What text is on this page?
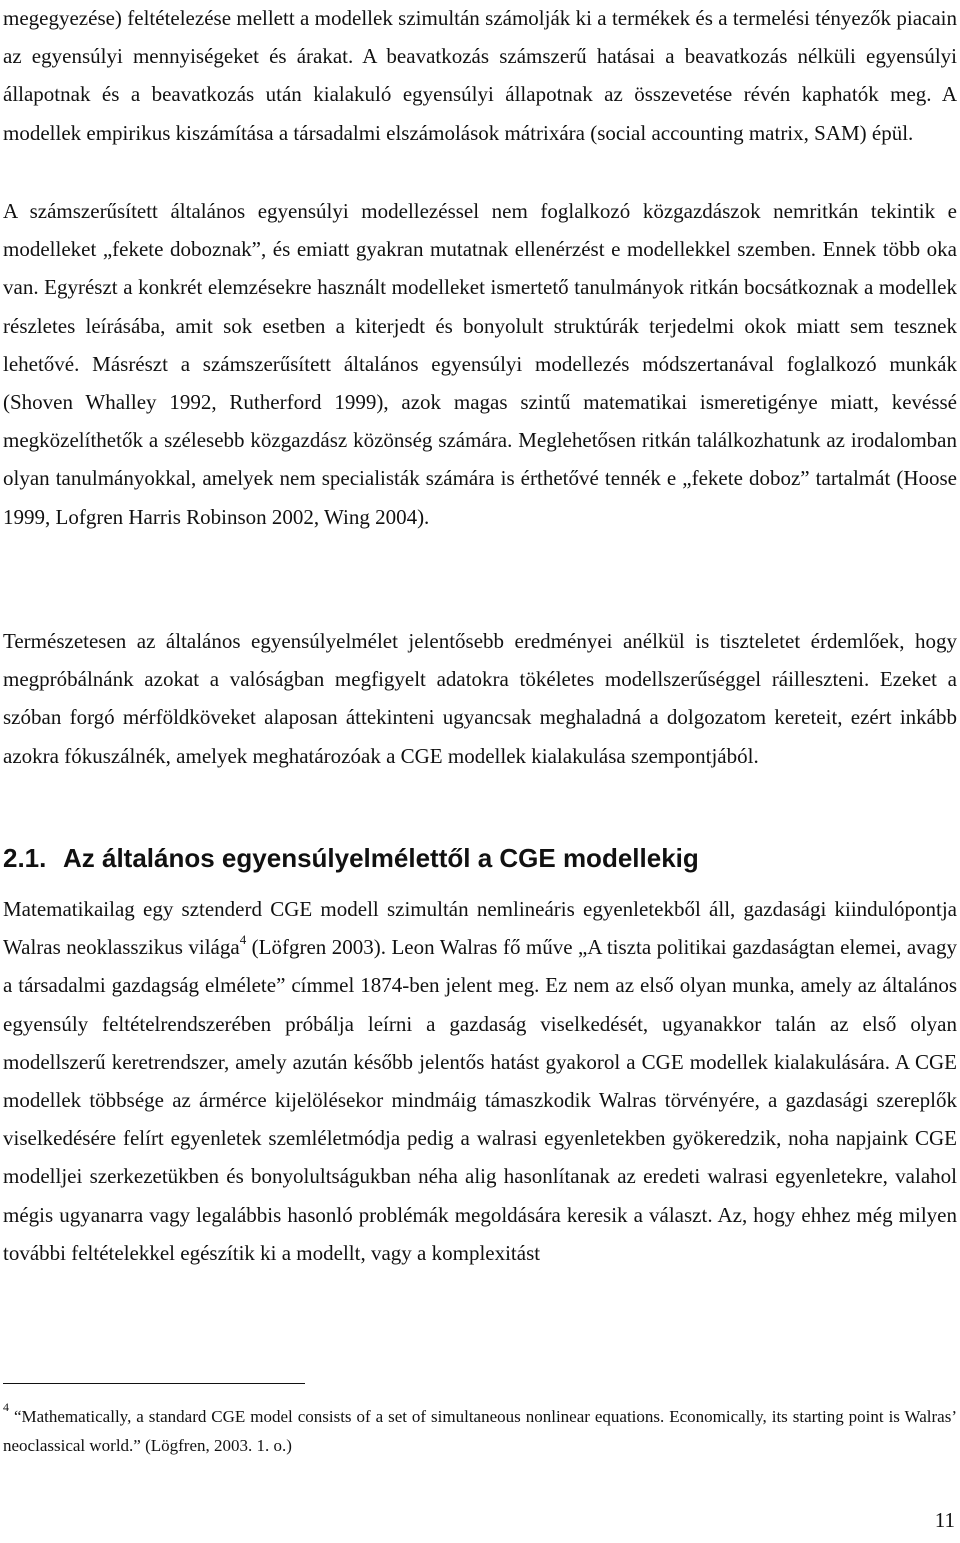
megegyezése) feltételezése mellett a modellek szimultán számolják ki a termékek és a termelési tényezők piacain az egyensúlyi mennyiségeket és árakat. A beavatkozás számszerű hatásai a beavatkozás nélküli egyensúlyi állapotnak és a beavatkozás után kialakuló egyensúlyi állapotnak az összevetése révén kaphatók meg. A modellek empirikus kiszámítása a társadalmi elszámolások mátrixára (social accounting matrix, SAM) épül.

A számszerűsített általános egyensúlyi modellezéssel nem foglalkozó közgazdászok nemritkán tekintik e modelleket „fekete doboznak”, és emiatt gyakran mutatnak ellenérzést e modellekkel szemben. Ennek több oka van. Egyrészt a konkrét elemzésekre használt modelleket ismertető tanulmányok ritkán bocsátkoznak a modellek részletes leírásába, amit sok esetben a kiterjedt és bonyolult struktúrák terjedelmi okok miatt sem tesznek lehetővé. Másrészt a számszerűsített általános egyensúlyi modellezés módszertanával foglalkozó munkák (Shoven Whalley 1992, Rutherford 1999), azok magas szintű matematikai ismeretigénye miatt, kevéssé megközelíthetők a szélesebb közgazdász közönség számára. Meglehetősen ritkán találkozhatunk az irodalomban olyan tanulmányokkal, amelyek nem specialisták számára is érthetővé tennék e „fekete doboz” tartalmát (Hoose 1999, Lofgren Harris Robinson 2002, Wing 2004).

Természetesen az általános egyensúlyelmélet jelentősebb eredményei anélkül is tiszteletet érdemlőek, hogy megpróbálnánk azokat a valóságban megfigyelt adatokra tökéletes modellszerűséggel ráilleszteni. Ezeket a szóban forgó mérföldköveket alaposan áttekinteni ugyancsak meghaladná a dolgozatom kereteit, ezért inkább azokra fókuszálnék, amelyek meghatározóak a CGE modellek kialakulása szempontjából.

2.1. Az általános egyensúlyelmélettől a CGE modellekig

Matematikailag egy sztenderd CGE modell szimultán nemlineáris egyenletekből áll, gazdasági kiindulópontja Walras neoklasszikus világa$^4$ (Löfgren 2003). Leon Walras fő műve „A tiszta politikai gazdaságtan elemei, avagy a társadalmi gazdagság elmélete” címmel 1874-ben jelent meg. Ez nem az első olyan munka, amely az általános egyensúly feltételrendszerében próbálja leírni a gazdaság viselkedését, ugyanakkor talán az első olyan modellszerű keretrendszer, amely azután később jelentős hatást gyakorol a CGE modellek kialakulására. A CGE modellek többsége az ármérce kijelölésekor mindmáig támaszkodik Walras törvényére, a gazdasági szereplők viselkedésére felírt egyenletek szemléletmódja pedig a walrasi egyenletekben gyökeredzik, noha napjaink CGE modelljei szerkezetükben és bonyolultságukban néha alig hasonlítanak az eredeti walrasi egyenletekre, valahol mégis ugyanarra vagy legalábbis hasonló problémák megoldására keresik a választ. Az, hogy ehhez még milyen további feltételekkel egészítik ki a modellt, vagy a komplexitást

$^4$ “Mathematically, a standard CGE model consists of a set of simultaneous nonlinear equations. Economically, its starting point is Walras’ neoclassical world.” (Lögfren, 2003. 1. o.)

11
